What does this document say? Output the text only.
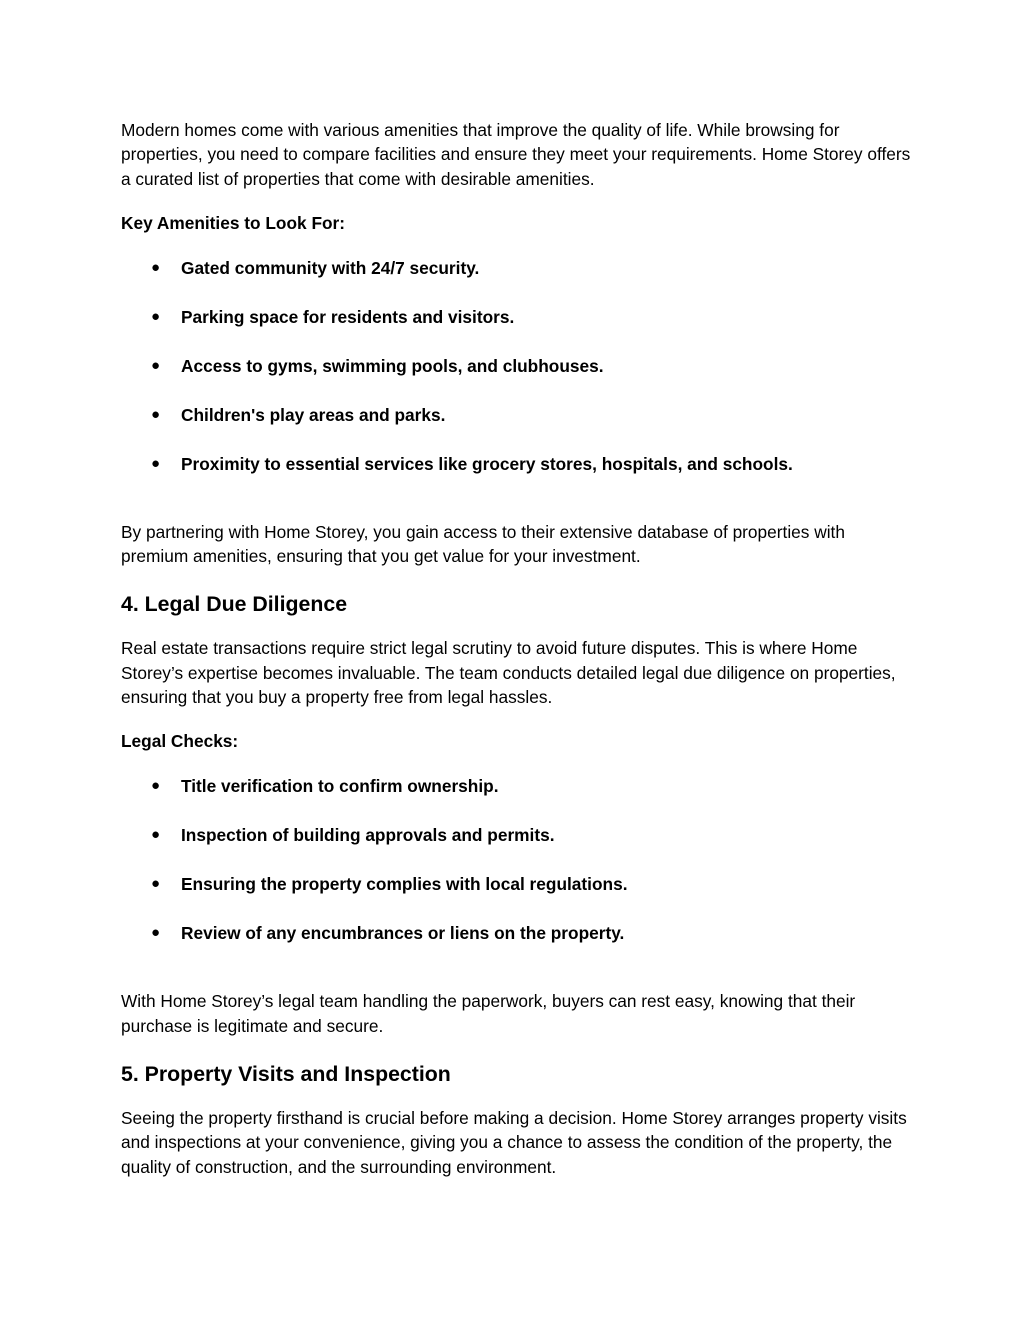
Modern homes come with various amenities that improve the quality of life. While browsing for properties, you need to compare facilities and ensure they meet your requirements. Home Storey offers a curated list of properties that come with desirable amenities.

Key Amenities to Look For:

● Gated community with 24/7 security.
● Parking space for residents and visitors.
● Access to gyms, swimming pools, and clubhouses.
● Children's play areas and parks.
● Proximity to essential services like grocery stores, hospitals, and schools.

By partnering with Home Storey, you gain access to their extensive database of properties with premium amenities, ensuring that you get value for your investment.

4. Legal Due Diligence

Real estate transactions require strict legal scrutiny to avoid future disputes. This is where Home Storey’s expertise becomes invaluable. The team conducts detailed legal due diligence on properties, ensuring that you buy a property free from legal hassles.

Legal Checks:

● Title verification to confirm ownership.
● Inspection of building approvals and permits.
● Ensuring the property complies with local regulations.
● Review of any encumbrances or liens on the property.

With Home Storey’s legal team handling the paperwork, buyers can rest easy, knowing that their purchase is legitimate and secure.

5. Property Visits and Inspection

Seeing the property firsthand is crucial before making a decision. Home Storey arranges property visits and inspections at your convenience, giving you a chance to assess the condition of the property, the quality of construction, and the surrounding environment.
